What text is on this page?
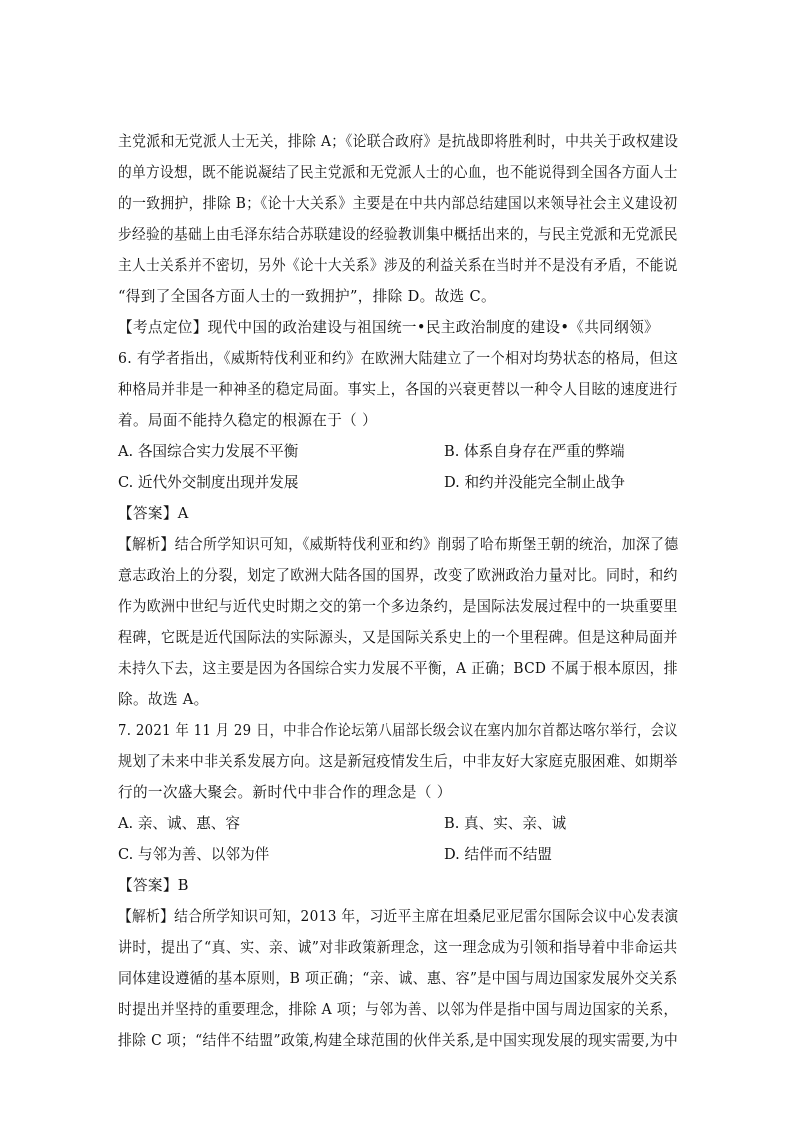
主党派和无党派人士无关，排除 A；《论联合政府》是抗战即将胜利时，中共关于政权建设
的单方设想，既不能说凝结了民主党派和无党派人士的心血，也不能说得到全国各方面人士
的一致拥护，排除 B；《论十大关系》主要是在中共内部总结建国以来领导社会主义建设初
步经验的基础上由毛泽东结合苏联建设的经验教训集中概括出来的，与民主党派和无党派民
主人士关系并不密切，另外《论十大关系》涉及的利益关系在当时并不是没有矛盾，不能说
“得到了全国各方面人士的一致拥护”，排除 D。故选 C。
【考点定位】现代中国的政治建设与祖国统一•民主政治制度的建设•《共同纲领》
6. 有学者指出，《威斯特伐利亚和约》在欧洲大陆建立了一个相对均势状态的格局，但这
种格局并非是一种神圣的稳定局面。事实上，各国的兴衰更替以一种令人目眩的速度进行
着。局面不能持久稳定的根源在于（ ）
A. 各国综合实力发展不平衡	B. 体系自身存在严重的弊端
C. 近代外交制度出现并发展	D. 和约并没能完全制止战争
【答案】A
【解析】结合所学知识可知，《威斯特伐利亚和约》削弱了哈布斯堡王朝的统治，加深了德
意志政治上的分裂，划定了欧洲大陆各国的国界，改变了欧洲政治力量对比。同时，和约
作为欧洲中世纪与近代史时期之交的第一个多边条约，是国际法发展过程中的一块重要里
程碑，它既是近代国际法的实际源头，又是国际关系史上的一个里程碑。但是这种局面并
未持久下去，这主要是因为各国综合实力发展不平衡，A 正确；BCD 不属于根本原因，排
除。故选 A。
7. 2021 年 11 月 29 日，中非合作论坛第八届部长级会议在塞内加尔首都达喀尔举行，会议
规划了未来中非关系发展方向。这是新冠疫情发生后，中非友好大家庭克服困难、如期举
行的一次盛大聚会。新时代中非合作的理念是（ ）
A. 亲、诚、惠、容	B. 真、实、亲、诚
C. 与邻为善、以邻为伴	D. 结伴而不结盟
【答案】B
【解析】结合所学知识可知，2013 年，习近平主席在坦桑尼亚尼雷尔国际会议中心发表演
讲时，提出了“真、实、亲、诚”对非政策新理念，这一理念成为引领和指导着中非命运共
同体建设遵循的基本原则，B 项正确；“亲、诚、惠、容”是中国与周边国家发展外交关系
时提出并坚持的重要理念，排除 A 项；与邻为善、以邻为伴是指中国与周边国家的关系，
排除 C 项；“结伴不结盟”政策,构建全球范围的伙伴关系,是中国实现发展的现实需要,为中
